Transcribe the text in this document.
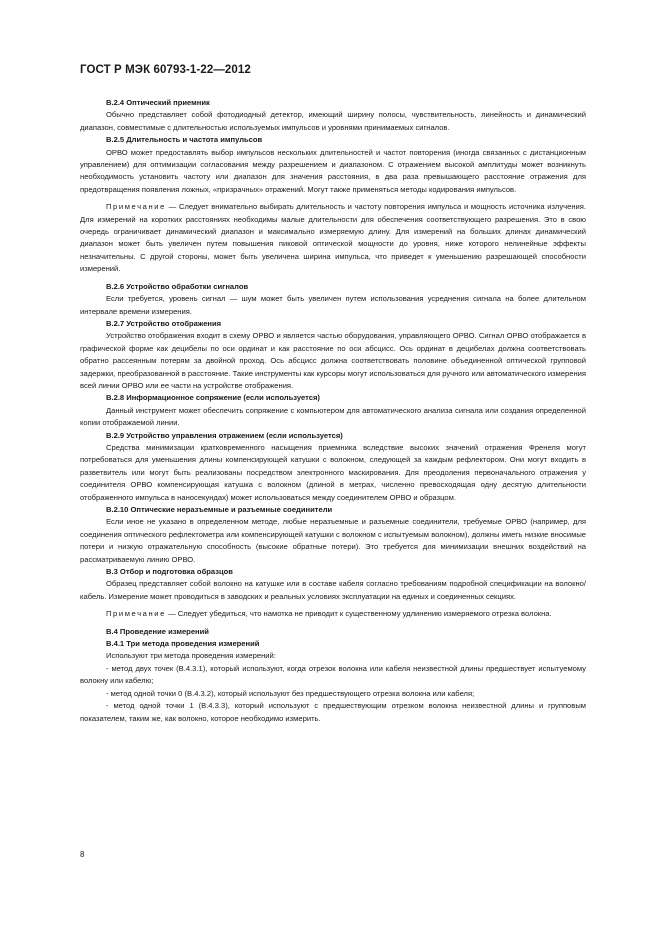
ГОСТ Р МЭК 60793-1-22—2012
В.2.4 Оптический приемник

Обычно представляет собой фотодиодный детектор, имеющий ширину полосы, чувствительность, линейность и динамический диапазон, совместимые с длительностью используемых импульсов и уровнями принимаемых сигналов.

В.2.5 Длительность и частота импульсов

ОРВО может предоставлять выбор импульсов нескольких длительностей и частот повторения (иногда связанных с дистанционным управлением) для оптимизации согласования между разрешением и диапазоном. С отражением высокой амплитуды может возникнуть необходимость установить частоту или диапазон для значения расстояния, в два раза превышающего расстояние отражения для предотвращения появления ложных, «призрачных» отражений. Могут также применяться методы кодирования импульсов.

Примечание — Следует внимательно выбирать длительность и частоту повторения импульса и мощность источника излучения. Для измерений на коротких расстояниях необходимы малые длительности для обеспечения соответствующего разрешения. Это в свою очередь ограничивает динамический диапазон и максимально измеряемую длину. Для измерений на больших длинах динамический диапазон может быть увеличен путем повышения пиковой оптической мощности до уровня, ниже которого нелинейные эффекты незначительны. С другой стороны, может быть увеличена ширина импульса, что приведет к уменьшению разрешающей способности измерений.

В.2.6 Устройство обработки сигналов

Если требуется, уровень сигнал — шум может быть увеличен путем использования усреднения сигнала на более длительном интервале времени измерения.

В.2.7 Устройство отображения

Устройство отображения входит в схему ОРВО и является частью оборудования, управляющего ОРВО. Сигнал ОРВО отображается в графической форме как децибелы по оси ординат и как расстояние по оси абсцисс. Ось ординат в децибелах должна соответствовать обратно рассеянным потерям за двойной проход. Ось абсцисс должна соответствовать половине объединенной оптической групповой задержки, преобразованной в расстояние. Такие инструменты как курсоры могут использоваться для ручного или автоматического измерения всей линии ОРВО или ее части на устройстве отображения.

В.2.8 Информационное сопряжение (если используется)

Данный инструмент может обеспечить сопряжение с компьютером для автоматического анализа сигнала или создания определенной копии отображаемой линии.

В.2.9 Устройство управления отражением (если используется)

Средства минимизации кратковременного насыщения приемника вследствие высоких значений отражения Френеля могут потребоваться для уменьшения длины компенсирующей катушки с волокном, следующей за каждым рефлектором. Они могут входить в разветвитель или могут быть реализованы посредством электронного маскирования. Для преодоления первоначального отражения у соединителя ОРВО компенсирующая катушка с волокном (длиной в метрах, численно превосходящая одну десятую длительности отображенного импульса в наносекундах) может использоваться между соединителем ОРВО и образцом.

В.2.10 Оптические неразъемные и разъемные соединители

Если иное не указано в определенном методе, любые неразъемные и разъемные соединители, требуемые ОРВО (например, для соединения оптического рефлектометра или компенсирующей катушки с волокном с испытуемым волокном), должны иметь низкие вносимые потери и низкую отражательную способность (высокие обратные потери). Это требуется для минимизации внешних воздействий на рассматриваемую линию ОРВО.

В.3 Отбор и подготовка образцов

Образец представляет собой волокно на катушке или в составе кабеля согласно требованиям подробной спецификации на волокно/кабель. Измерение может проводиться в заводских и реальных условиях эксплуатации на единых и соединенных секциях.

Примечание — Следует убедиться, что намотка не приводит к существенному удлинению измеряемого отрезка волокна.

В.4 Проведение измерений
В.4.1 Три метода проведения измерений

Используют три метода проведения измерений:

- метод двух точек (В.4.3.1), который используют, когда отрезок волокна или кабеля неизвестной длины предшествует испытуемому волокну или кабелю;

- метод одной точки 0 (В.4.3.2), который используют без предшествующего отрезка волокна или кабеля;

- метод одной точки 1 (В.4.3.3), который используют с предшествующим отрезком волокна неизвестной длины и групповым показателем, таким же, как волокно, которое необходимо измерить.

8
